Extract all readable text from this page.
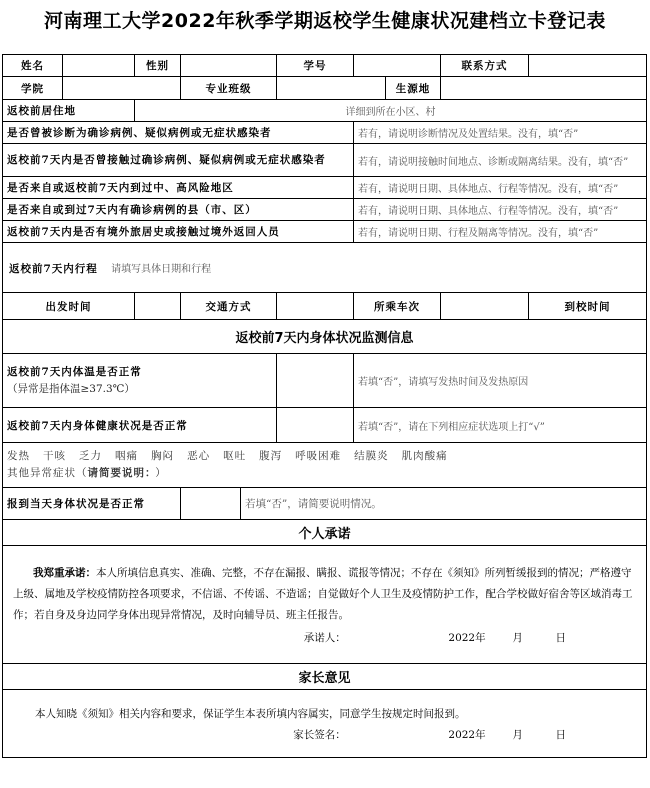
河南理工大学2022年秋季学期返校学生健康状况建档立卡登记表
姓名		性别			学号			联系方式	
学院			专业班级				生源地		
返校前居住地		详细到所在小区、村							
是否曾被诊断为确诊病例、疑似病例或无症状感染者						若有，请说明诊断情况及处置结果。没有，填“否”			
返校前7天内是否曾接触过确诊病例、疑似病例或无症状感染者						若有，请说明接触时间地点、诊断或隔离结果。没有，填“否”			
是否来自或返校前7天内到过中、高风险地区						若有，请说明日期、具体地点、行程等情况。没有，填“否”			
是否来自或到过7天内有确诊病例的县（市、区）						若有，请说明日期、具体地点、行程等情况。没有，填“否”			
返校前7天内是否有境外旅居史或接触过境外返回人员						若有，请说明日期、行程及隔离等情况。没有，填“否”			
返校前7天内行程 请填写具体日期和行程									
出发时间			交通方式			所乘车次			到校时间
返校前7天内身体状况监测信息									

返校前7天内体温是否正常
（异常是指体温≥37.3℃）						若填“否”，请填写发热时间及发热原因			
返校前7天内身体健康状况是否正常						若填“否”，请在下列相应症状选项上打“√”			

发热 干咳 乏力 咽痛 胸闷 恶心 呕吐 腹泻 呼吸困难 结膜炎 肌肉酸痛
其他异常症状（请简要说明： ）									

报到当天身体状况是否正常				若填“否”，请简要说明情况。					
个人承诺									

我郑重承诺：本人所填信息真实、准确、完整，不存在漏报、瞒报、谎报等情况；不存在《须知》所列暂缓报到的情况；严格遵守上级、属地及学校疫情防控各项要求，不信谣、不传谣、不造谣；自觉做好个人卫生及疫情防护工作，配合学校做好宿舍等区域消毒工作；若自身及身边同学身体出现异常情况，及时向辅导员、班主任报告。
承诺人： 2022年 月 日									

家长意见									

本人知晓《须知》相关内容和要求，保证学生本表所填内容属实，同意学生按规定时间报到。
家长签名： 2022年 月 日									
